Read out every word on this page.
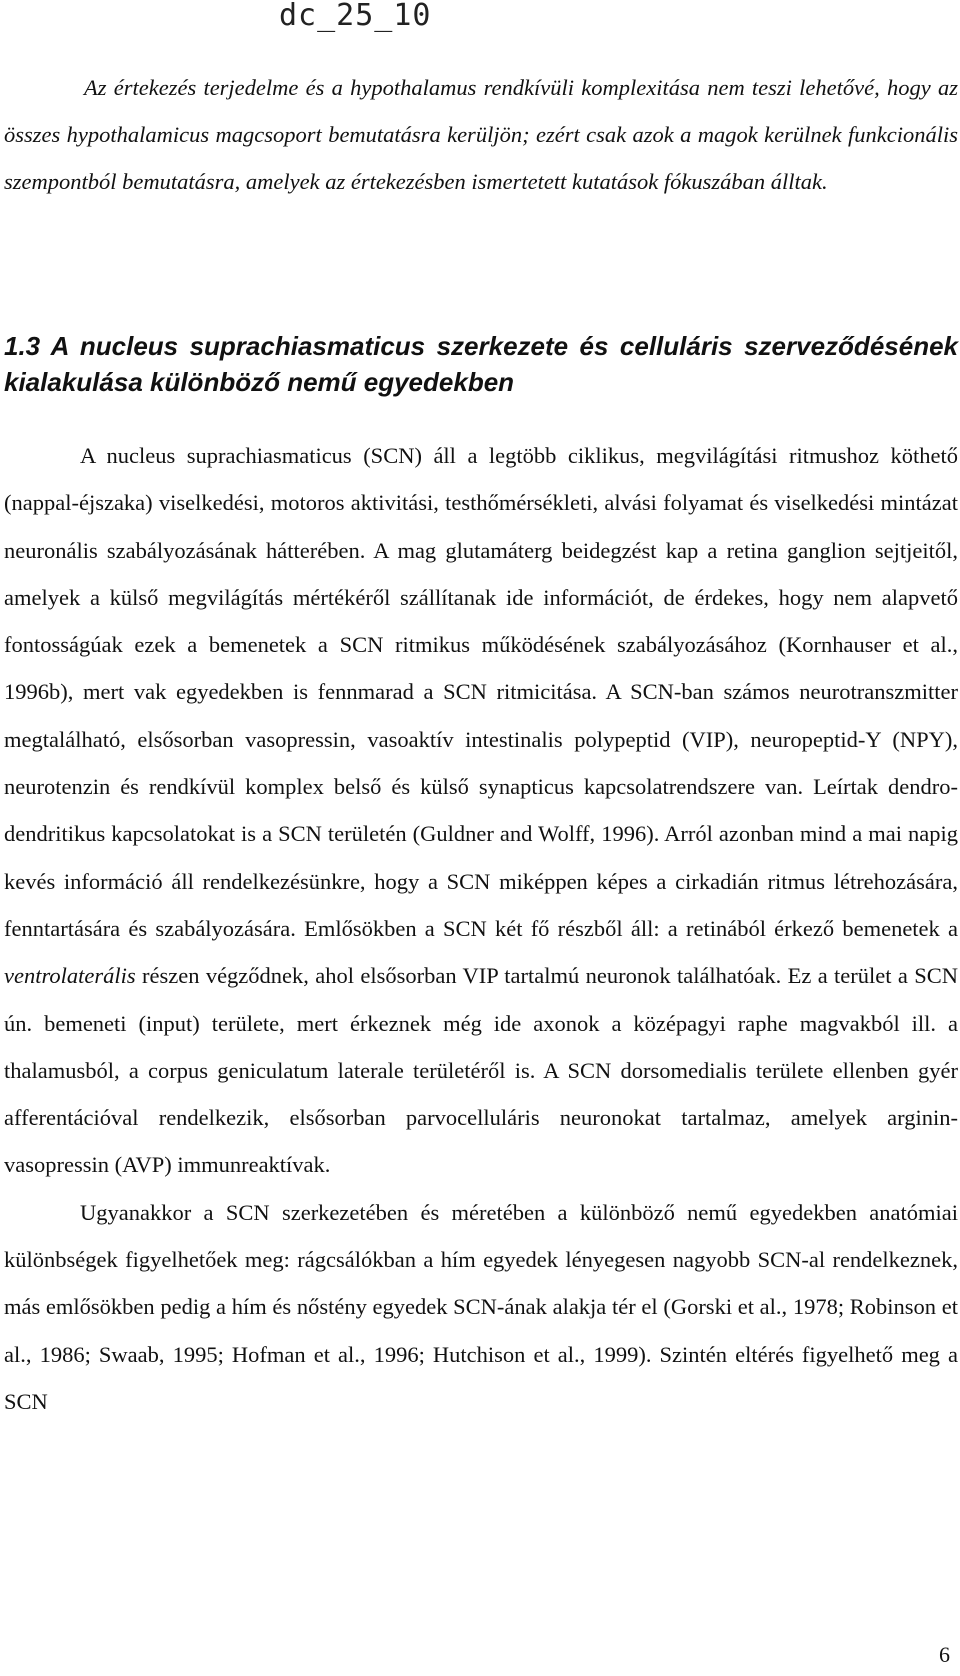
dc_25_10

Az értekezés terjedelme és a hypothalamus rendkívüli komplexitása nem teszi lehetővé, hogy az összes hypothalamicus magcsoport bemutatásra kerüljön; ezért csak azok a magok kerülnek funkcionális szempontból bemutatásra, amelyek az értekezésben ismertetett kutatások fókuszában álltak.

1.3 A nucleus suprachiasmaticus szerkezete és celluláris szerveződésének kialakulása különböző nemű egyedekben

A nucleus suprachiasmaticus (SCN) áll a legtöbb ciklikus, megvilágítási ritmushoz köthető (nappal-éjszaka) viselkedési, motoros aktivitási, testhőmérsékleti, alvási folyamat és viselkedési mintázat neuronális szabályozásának hátterében. A mag glutamáterg beidegzést kap a retina ganglion sejtjeitől, amelyek a külső megvilágítás mértékéről szállítanak ide információt, de érdekes, hogy nem alapvető fontosságúak ezek a bemenetek a SCN ritmikus működésének szabályozásához (Kornhauser et al., 1996b), mert vak egyedekben is fennmarad a SCN ritmicitása. A SCN-ban számos neurotranszmitter megtalálható, elsősorban vasopressin, vasoaktív intestinalis polypeptid (VIP), neuropeptid-Y (NPY), neurotenzin és rendkívül komplex belső és külső synapticus kapcsolatrendszere van. Leírtak dendro-dendritikus kapcsolatokat is a SCN területén (Guldner and Wolff, 1996). Arról azonban mind a mai napig kevés információ áll rendelkezésünkre, hogy a SCN miképpen képes a cirkadián ritmus létrehozására, fenntartására és szabályozására. Emlősökben a SCN két fő részből áll: a retinából érkező bemenetek a ventrolaterális részen végződnek, ahol elsősorban VIP tartalmú neuronok találhatóak. Ez a terület a SCN ún. bemeneti (input) területe, mert érkeznek még ide axonok a középagyi raphe magvakból ill. a thalamusból, a corpus geniculatum laterale területéről is. A SCN dorsomedialis területe ellenben gyér afferentációval rendelkezik, elsősorban parvocelluláris neuronokat tartalmaz, amelyek arginin-vasopressin (AVP) immunreaktívak.

Ugyanakkor a SCN szerkezetében és méretében a különböző nemű egyedekben anatómiai különbségek figyelhetőek meg: rágcsálókban a hím egyedek lényegesen nagyobb SCN-al rendelkeznek, más emlősökben pedig a hím és nőstény egyedek SCN-ának alakja tér el (Gorski et al., 1978; Robinson et al., 1986; Swaab, 1995; Hofman et al., 1996; Hutchison et al., 1999). Szintén eltérés figyelhető meg a SCN

6
